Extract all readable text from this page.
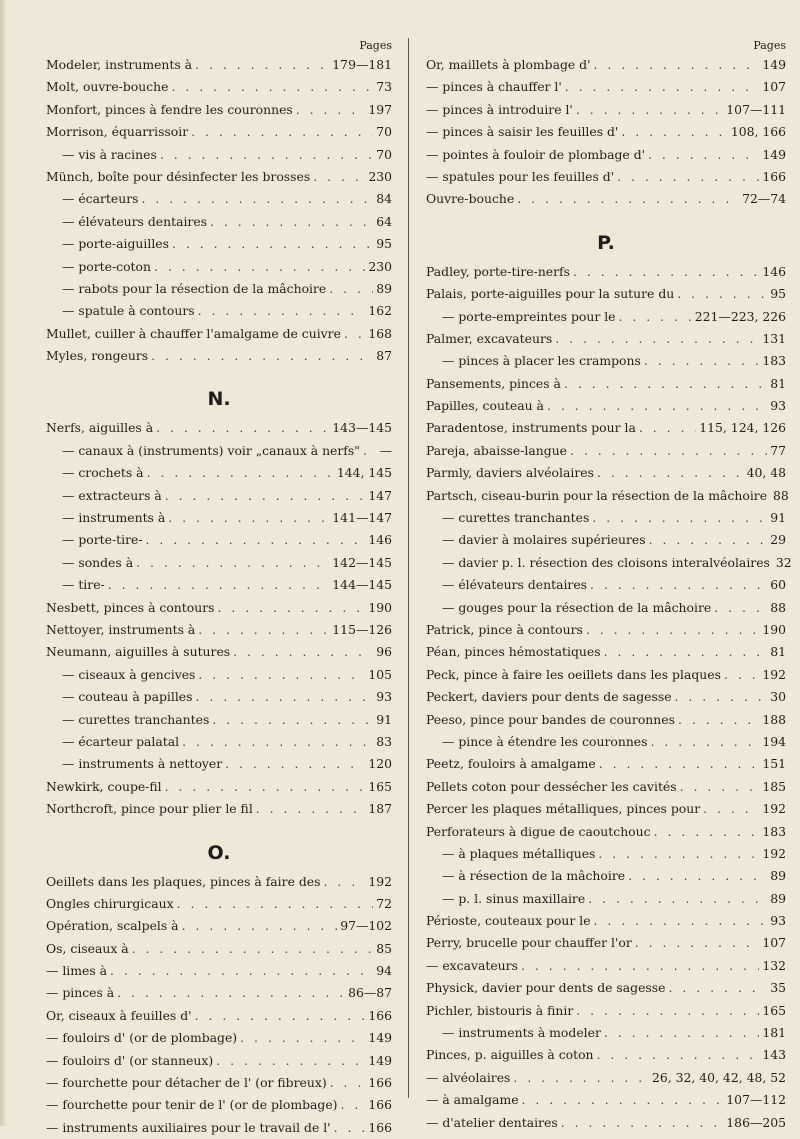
Pages
Modeler, instruments à . . .	179—181
Molt, ouvre-bouche . . .	73
Monfort, pinces à fendre les couronnes . . .	197
Morrison, équarrissoir . . .	70
— vis à racines . . .	70
Münch, boîte pour désinfecter les brosses . . .	230
— écarteurs . . .	84
— élévateurs dentaires . . .	64
— porte-aiguilles . . .	95
— porte-coton . . .	230
— rabots pour la résection de la mâchoire . . .	89
— spatule à contours . . .	162
Mullet, cuiller à chauffer l'amalgame de cuivre . . . 168
Myles, rongeurs . . .	87
N.
Nerfs, aiguilles à . . .	143—145
— canaux à (instruments) voir „canaux à nerfs" . . . —
— crochets à . . .	144, 145
— extracteurs à . . .	147
— instruments à . . .	141—147
— porte-tire- . . .	146
— sondes à . . .	142—145
— tire- . . .	144—145
Nesbett, pinces à contours . . .	190
Nettoyer, instruments à . . .	115—126
Neumann, aiguilles à sutures . . .	96
— ciseaux à gencives . . .	105
— couteau à papilles . . .	93
— curettes tranchantes . . .	91
— écarteur palatal . . .	83
— instruments à nettoyer . . .	120
Newkirk, coupe-fil . . .	165
Northcroft, pince pour plier le fil . . .	187
O.
Oeillets dans les plaques, pinces à faire des . . .	192
Ongles chirurgicaux . . .	72
Opération, scalpels à . . .	97—102
Os, ciseaux à . . .	85
— limes à . . .	94
— pinces à . . .	86—87
Or, ciseaux à feuilles d' . . .	166
— fouloirs d' (or de plombage) . . .	149
— fouloirs d' (or stanneux) . . .	149
— fourchette pour détacher de l' (or fibreux) . . .	166
— fourchette pour tenir de l' (or de plombage) . . . 166
— instruments auxiliaires pour le travail de l' . . .	166
Pages
Or, maillets à plombage d' . . .	149
— pinces à chauffer l' . . .	107
— pinces à introduire l' . . .	107—111
— pinces à saisir les feuilles d' . . .	108, 166
— pointes à fouloir de plombage d' . . .	149
— spatules pour les feuilles d' . . .	166
Ouvre-bouche . . .	72—74
P.
Padley, porte-tire-nerfs . . .	146
Palais, porte-aiguilles pour la suture du . . .	95
— porte-empreintes pour le . . .	221—223, 226
Palmer, excavateurs . . .	131
— pinces à placer les crampons . . .	183
Pansements, pinces à . . .	81
Papilles, couteau à . . .	93
Paradentose, instruments pour la . . .	115, 124, 126
Pareja, abaisse-langue . . .	77
Parmly, daviers alvéolaires . . .	40, 48
Partsch, ciseau-burin pour la résection de la mâchoire 88
— curettes tranchantes . . .	91
— davier à molaires supérieures . . .	29
— davier p. l. résection des cloisons interalvéolaires 32
— élévateurs dentaires . . .	60
— gouges pour la résection de la mâchoire . . .	88
Patrick, pince à contours . . .	190
Péan, pinces hémostatiques . . .	81
Peck, pince à faire les oeillets dans les plaques . . .	192
Peckert, daviers pour dents de sagesse . . .	30
Peeso, pince pour bandes de couronnes . . .	188
— pince à étendre les couronnes . . .	194
Peetz, fouloirs à amalgame . . .	151
Pellets coton pour dessécher les cavités . . .	185
Percer les plaques métalliques, pinces pour . . .	192
Perforateurs à digue de caoutchouc . . .	183
— à plaques métalliques . . .	192
— à résection de la mâchoire . . .	89
— p. l. sinus maxillaire . . .	89
Périoste, couteaux pour le . . .	93
Perry, brucelle pour chauffer l'or . . .	107
— excavateurs . . .	132
Physick, davier pour dents de sagesse . . .	35
Pichler, bistouris à finir . . .	165
— instruments à modeler . . .	181
Pinces, p. aiguilles à coton . . .	143
— alvéolaires . . .	26, 32, 40, 42, 48, 52
— à amalgame . . .	107—112
— d'atelier dentaires . . .	186—205
